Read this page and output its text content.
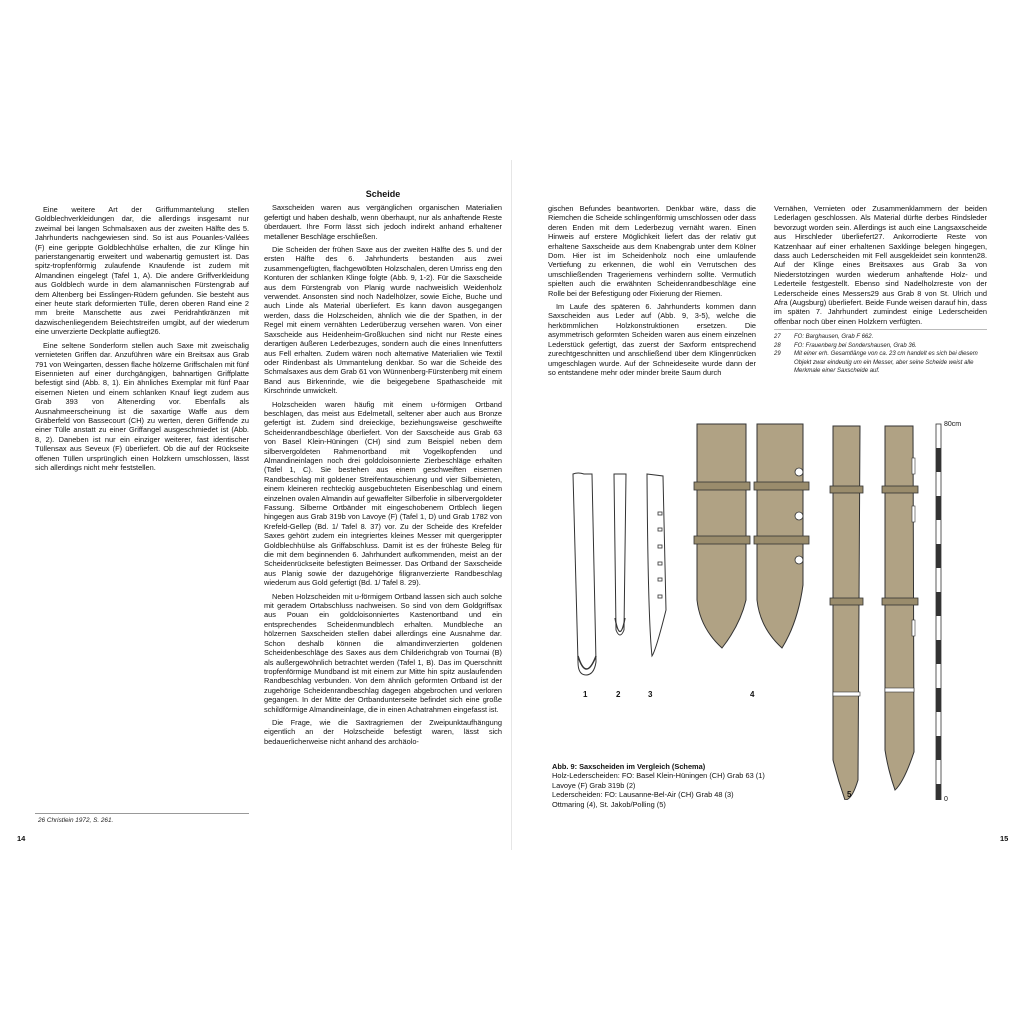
Eine weitere Art der Griffummantelung stellen Goldblechverkleidungen dar, die allerdings insgesamt nur zweimal bei langen Schmalsaxen aus der zweiten Hälfte des 5. Jahrhunderts nachgewiesen sind. So ist aus Pouanles-Vallées (F) eine gerippte Goldblechhülse erhalten, die zur Klinge hin parierstangenartig erweitert und wabenartig gemustert ist. Das spitz-tropfenförmig zulaufende Knaufende ist zudem mit Almandinen eingelegt (Tafel 1, A). Die andere Griffverkleidung aus Goldblech wurde in dem alamannischen Fürstengrab auf dem Altenberg bei Esslingen-Rüdern gefunden. Sie besteht aus einer heute stark deformierten Tülle, deren oberen Rand eine 2 mm breite Manschette aus zwei Peridrahtkränzen mit dazwischenliegendem Beiechtstreifen umgibt, auf der wiederum eine unverzierte Deckplatte aufliegt26.

Eine seltene Sonderform stellen auch Saxe mit zweischalig vernieteten Griffen dar. Anzuführen wäre ein Breitsax aus Grab 791 von Weingarten, dessen flache hölzerne Griffschalen mit fünf Eisennieten auf einer durchgängigen, bahnartigen Griffplatte befestigt sind (Abb. 8, 1). Ein ähnliches Exemplar mit fünf Paar eisernen Nieten und einem schlanken Knauf liegt zudem aus Grab 393 von Altenerding vor. Ebenfalls als Ausnahmeerscheinung ist die saxartige Waffe aus dem Gräberfeld von Bassecourt (CH) zu werten, deren Griffende zu einer Tülle anstatt zu einer Griffangel ausgeschmiedet ist (Abb. 8, 2). Daneben ist nur ein einziger weiterer, fast identischer Tüllensax aus Seveux (F) überliefert. Ob die auf der Rückseite offenen Tüllen ursprünglich einen Holzkern umschlossen, lässt sich allerdings nicht mehr feststellen.

Scheide

Saxscheiden waren aus vergänglichen organischen Materialien gefertigt und haben deshalb, wenn überhaupt, nur als anhaftende Reste überdauert. Ihre Form lässt sich jedoch indirekt anhand erhaltener metallener Beschläge erschließen.

Die Scheiden der frühen Saxe aus der zweiten Hälfte des 5. und der ersten Hälfte des 6. Jahrhunderts bestanden aus zwei zusammengefügten, flachgewölbten Holzschalen, deren Umriss eng den Konturen der schlanken Klinge folgte (Abb. 9, 1-2). Für die Saxscheide aus dem Fürstengrab von Planig wurde nachweislich Weidenholz verwendet. Ansonsten sind noch Nadelhölzer, sowie Eiche, Buche und auch Linde als Material überliefert. Es kann davon ausgegangen werden, dass die Holzscheiden, ähnlich wie die der Spathen, in der Regel mit einem vernähten Lederüberzug versehen waren. Von einer Saxscheide aus Heidenheim-Großkuchen sind nicht nur Reste eines derartigen äußeren Lederbezuges, sondern auch die eines Innenfutters aus Fell erhalten. Zudem wären noch alternative Materialien wie Textil oder Rindenbast als Ummantelung denkbar. So war die Scheide des Schmalsaxes aus dem Grab 61 von Wünnenberg-Fürstenberg mit einem Band aus Birkenrinde, wie die beigegebene Spathascheide mit Kirschrinde umwickelt.

Holzscheiden waren häufig mit einem u-förmigen Ortband beschlagen, das meist aus Edelmetall, seltener aber auch aus Bronze gefertigt ist. Zudem sind dreieckige, beziehungsweise geschweifte Scheidenrandbeschläge überliefert. Von der Saxscheide aus Grab 63 von Basel Klein-Hüningen (CH) sind zum Beispiel neben dem silbervergoldeten Rahmenortband mit Vogelkopfenden und Almandineinlagen noch drei goldcloisonnierte Zierbeschläge erhalten (Tafel 1, C). Sie bestehen aus einem geschweiften eisernen Randbeschlag mit goldener Streifentauschierung und vier Silbernieten, einem kleineren rechteckig ausgebuchteten Eisenbeschlag und einem einzelnen ovalen Almandin auf gewaffelter Silberfolie in silbervergoldeter Fassung. Silberne Ortbänder mit eingeschobenem Ortblech liegen hingegen aus Grab 319b von Lavoye (F) (Tafel 1, D) und Grab 1782 von Krefeld-Gellep (Bd. 1/ Tafel 8. 37) vor. Zu der Scheide des Krefelder Saxes gehört zudem ein integriertes kleines Messer mit quergerippter Goldblechhülse als Griffabschluss. Damit ist es der früheste Beleg für die mit dem beginnenden 6. Jahrhundert aufkommenden, meist an der Scheidenrückseite befestigten Beimesser. Das Ortband der Saxscheide aus Planig sowie der dazugehörige filigranverzierte Randbeschlag wiederum aus Gold gefertigt (Bd. 1/ Tafel 8. 29).

Neben Holzscheiden mit u-förmigem Ortband lassen sich auch solche mit geradem Ortabschluss nachweisen. So sind von dem Goldgriffsax aus Pouan ein goldcloisonniertes Kastenortband und ein entsprechendes Scheidenmundblech erhalten. Mundbleche an hölzernen Saxscheiden stellen dabei allerdings eine Ausnahme dar. Schon deshalb können die almandinverzierten goldenen Scheidenbeschläge des Saxes aus dem Childerichgrab von Tournai (B) als außergewöhnlich betrachtet werden (Tafel 1, B). Das im Querschnitt tropfenförmige Mundband ist mit einem zur Mitte hin spitz auslaufenden Randbeschlag verbunden. Von dem ähnlich geformten Ortband ist der zugehörige Scheidenrandbeschlag dagegen abgebrochen und verloren gegangen. In der Mitte der Ortbandunterseite befindet sich eine große schildförmige Almandineinlage, die in einen Achatrahmen eingefasst ist.

Die Frage, wie die Saxtragriemen der Zweipunktaufhängung eigentlich an der Holzscheide befestigt waren, lässt sich bedauerlicherweise nicht anhand des archäolo-

26 Christlein 1972, S. 261.
14

gischen Befundes beantworten. Denkbar wäre, dass die Riemchen die Scheide schlingenförmig umschlossen oder dass deren Enden mit dem Lederbezug vernäht waren. Einen Hinweis auf erstere Möglichkeit liefert das der relativ gut erhaltene Saxscheide aus dem Knabengrab unter dem Kölner Dom. Hier ist im Scheidenholz noch eine umlaufende Vertiefung zu erkennen, die wohl ein Verrutschen des umschließenden Trageriemens verhindern sollte. Vermutlich spielten auch die erwähnten Scheidenrandbeschläge eine Rolle bei der Befestigung oder Fixierung der Riemen.

Im Laufe des späteren 6. Jahrhunderts kommen dann Saxscheiden aus Leder auf (Abb. 9, 3-5), welche die herkömmlichen Holzkonstruktionen ersetzen. Die asymmetrisch geformten Scheiden waren aus einem einzelnen Lederstück gefertigt, das zuerst der Saxform entsprechend zurechtgeschnitten und anschließend über dem Klingenrücken umgeschlagen wurde. Auf der Schneideseite wurde dann der so entstandene mehr oder minder breite Saum durch

Vernähen, Vernieten oder Zusammenklammern der beiden Lederlagen geschlossen. Als Material dürfte derbes Rindsleder bevorzugt worden sein. Allerdings ist auch eine Langsaxscheide aus Hirschleder überliefert27. Ankorrodierte Reste von Katzenhaar auf einer erhaltenen Saxklinge belegen hingegen, dass auch Lederscheiden mit Fell ausgekleidet sein konnten28. Auf der Klinge eines Breitsaxes aus Grab 3a von Niederstotzingen wurden wiederum anhaftende Holz- und Lederteile festgestellt. Ebenso sind Nadelholzreste von der Lederscheide eines Messers29 aus Grab 8 von St. Ulrich und Afra (Augsburg) überliefert. Beide Funde weisen darauf hin, dass im späten 7. Jahrhundert zumindest einige Lederscheiden offenbar noch über einen Holzkern verfügten.

27	FO: Barghausen, Grab F 662.
28	FO: Frauenberg bei Sondershausen, Grab 36.
29	Mit einer erh. Gesamtlänge von ca. 23 cm handelt es sich bei diesem Objekt zwar eindeutig um ein Messer, aber seine Scheide weist alle Merkmale einer Saxscheide auf.
1	2	3	4
5
80cm
0
Abb. 9: Saxscheiden im Vergleich (Schema)
Holz-Lederscheiden: FO: Basel Klein-Hüningen (CH) Grab 63 (1)
Lavoye (F) Grab 319b (2)
Lederscheiden: FO: Lausanne-Bel-Air (CH) Grab 48 (3)
Ottmaring (4), St. Jakob/Polling (5)
15
